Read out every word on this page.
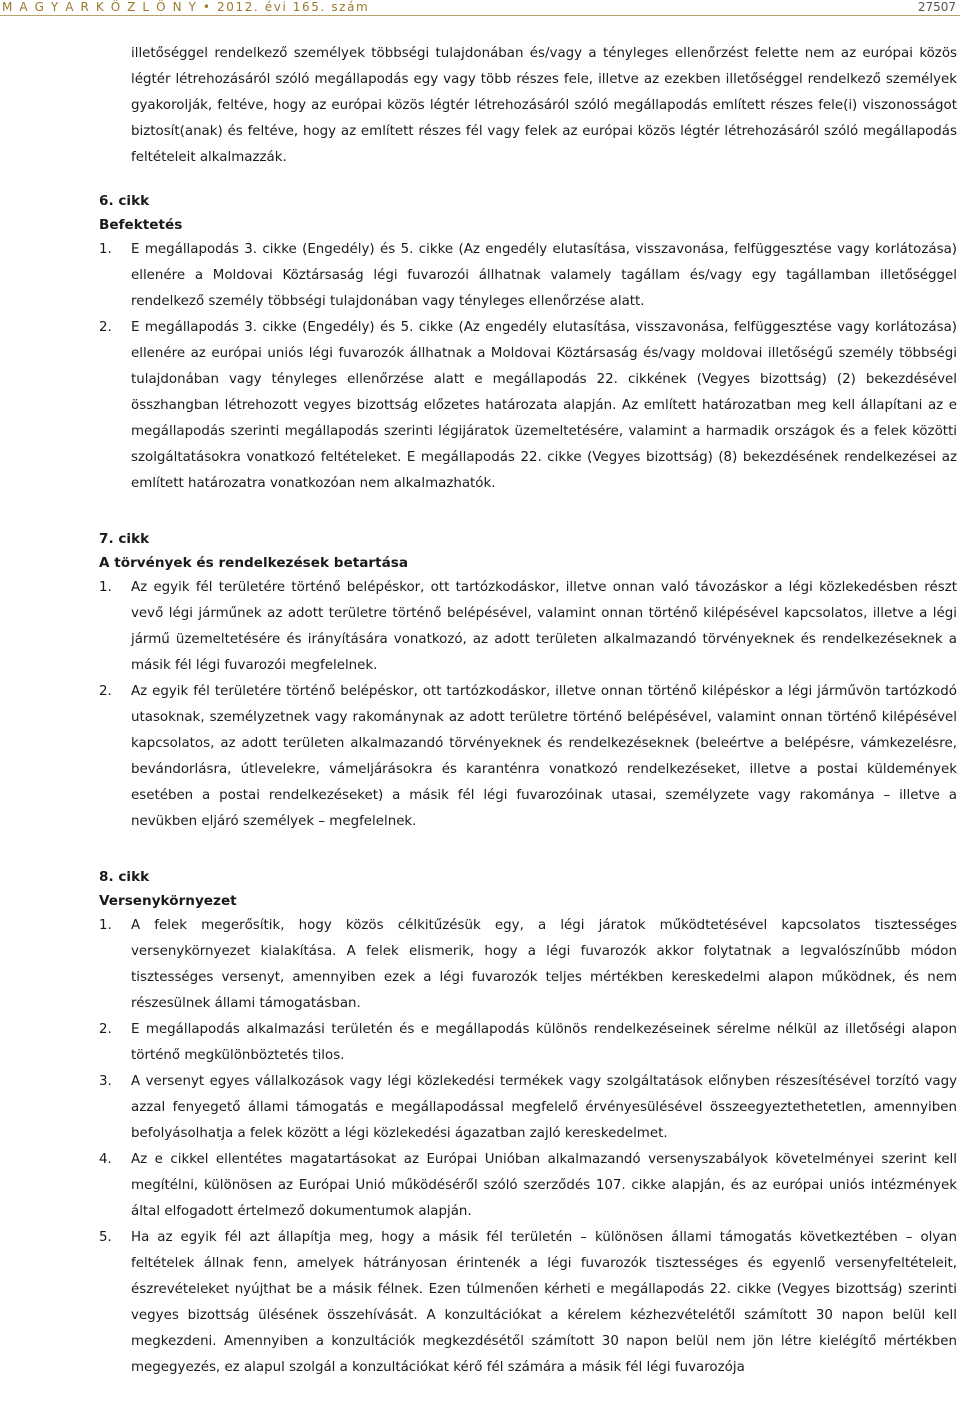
M A G Y A R K Ö Z L Ö N Y • 2012. évi 165. szám	27507

illetőséggel rendelkező személyek többségi tulajdonában és/vagy a tényleges ellenőrzést felette nem az európai közös légtér létrehozásáról szóló megállapodás egy vagy több részes fele, illetve az ezekben illetőséggel rendelkező személyek gyakorolják, feltéve, hogy az európai közös légtér létrehozásáról szóló megállapodás említett részes fele(i) viszonosságot biztosít(anak) és feltéve, hogy az említett részes fél vagy felek az európai közös légtér létrehozásáról szóló megállapodás feltételeit alkalmazzák.

6. cikk
Befektetés
1. E megállapodás 3. cikke (Engedély) és 5. cikke (Az engedély elutasítása, visszavonása, felfüggesztése vagy korlátozása) ellenére a Moldovai Köztársaság légi fuvarozói állhatnak valamely tagállam és/vagy egy tagállamban illetőséggel rendelkező személy többségi tulajdonában vagy tényleges ellenőrzése alatt.
2. E megállapodás 3. cikke (Engedély) és 5. cikke (Az engedély elutasítása, visszavonása, felfüggesztése vagy korlátozása) ellenére az európai uniós légi fuvarozók állhatnak a Moldovai Köztársaság és/vagy moldovai illetőségű személy többségi tulajdonában vagy tényleges ellenőrzése alatt e megállapodás 22. cikkének (Vegyes bizottság) (2) bekezdésével összhangban létrehozott vegyes bizottság előzetes határozata alapján. Az említett határozatban meg kell állapítani az e megállapodás szerinti megállapodás szerinti légijáratok üzemeltetésére, valamint a harmadik országok és a felek közötti szolgáltatásokra vonatkozó feltételeket. E megállapodás 22. cikke (Vegyes bizottság) (8) bekezdésének rendelkezései az említett határozatra vonatkozóan nem alkalmazhatók.
7. cikk
A törvények és rendelkezések betartása
1. Az egyik fél területére történő belépéskor, ott tartózkodáskor, illetve onnan való távozáskor a légi közlekedésben részt vevő légi járműnek az adott területre történő belépésével, valamint onnan történő kilépésével kapcsolatos, illetve a légi jármű üzemeltetésére és irányítására vonatkozó, az adott területen alkalmazandó törvényeknek és rendelkezéseknek a másik fél légi fuvarozói megfelelnek.
2. Az egyik fél területére történő belépéskor, ott tartózkodáskor, illetve onnan történő kilépéskor a légi járművön tartózkodó utasoknak, személyzetnek vagy rakománynak az adott területre történő belépésével, valamint onnan történő kilépésével kapcsolatos, az adott területen alkalmazandó törvényeknek és rendelkezéseknek (beleértve a belépésre, vámkezelésre, bevándorlásra, útlevelekre, vámeljárásokra és karanténra vonatkozó rendelkezéseket, illetve a postai küldemények esetében a postai rendelkezéseket) a másik fél légi fuvarozóinak utasai, személyzete vagy rakománya – illetve a nevükben eljáró személyek – megfelelnek.
8. cikk
Versenykörnyezet
1. A felek megerősítik, hogy közös célkitűzésük egy, a légi járatok működtetésével kapcsolatos tisztességes versenykörnyezet kialakítása. A felek elismerik, hogy a légi fuvarozók akkor folytatnak a legvalószínűbb módon tisztességes versenyt, amennyiben ezek a légi fuvarozók teljes mértékben kereskedelmi alapon működnek, és nem részesülnek állami támogatásban.
2. E megállapodás alkalmazási területén és e megállapodás különös rendelkezéseinek sérelme nélkül az illetőségi alapon történő megkülönböztetés tilos.
3. A versenyt egyes vállalkozások vagy légi közlekedési termékek vagy szolgáltatások előnyben részesítésével torzító vagy azzal fenyegető állami támogatás e megállapodással megfelelő érvényesülésével összeegyeztethetetlen, amennyiben befolyásolhatja a felek között a légi közlekedési ágazatban zajló kereskedelmet.
4. Az e cikkel ellentétes magatartásokat az Európai Unióban alkalmazandó versenyszabályok követelményei szerint kell megítélni, különösen az Európai Unió működéséről szóló szerződés 107. cikke alapján, és az európai uniós intézmények által elfogadott értelmező dokumentumok alapján.
5. Ha az egyik fél azt állapítja meg, hogy a másik fél területén – különösen állami támogatás következtében – olyan feltételek állnak fenn, amelyek hátrányosan érintenék a légi fuvarozók tisztességes és egyenlő versenyfeltételeit, észrevételeket nyújthat be a másik félnek. Ezen túlmenően kérheti e megállapodás 22. cikke (Vegyes bizottság) szerinti vegyes bizottság ülésének összehívását. A konzultációkat a kérelem kézhezvételétől számított 30 napon belül kell megkezdeni. Amennyiben a konzultációk megkezdésétől számított 30 napon belül nem jön létre kielégítő mértékben megegyezés, ez alapul szolgál a konzultációkat kérő fél számára a másik fél légi fuvarozója
